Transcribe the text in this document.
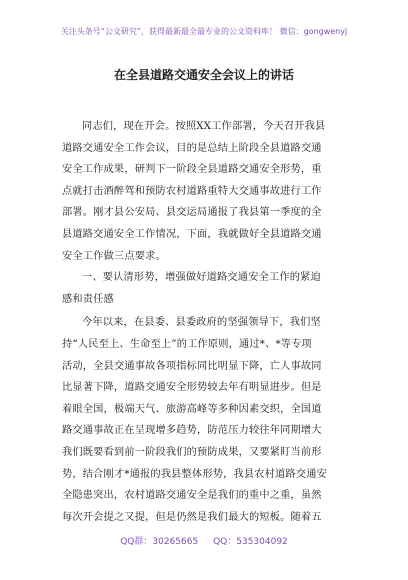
关注头条号“公文研究”，获得最新最全最专业的公文资料库！ 微信：gongwenyj
在全县道路交通安全会议上的讲话
同志们，现在开会。按照XX工作部署，今天召开我县
道路交通安全工作会议，目的是总结上阶段全县道路交通
安全工作成果，研判下一阶段全县道路交通安全形势，重
点就打击酒醉驾和预防农村道路重特大交通事故进行工作
部署。刚才县公安局、县交运局通报了我县第一季度的全
县道路交通安全工作情况，下面，我就做好全县道路交通
安全工作做三点要求。
一、要认清形势，增强做好道路交通安全工作的紧迫
感和责任感
今年以来，在县委、县委政府的坚强领导下，我们坚
持“人民至上、生命至上”的工作原则，通过*、*等专项
活动，全县交通事故各项指标同比明显下降，亡人事故同
比显著下降，道路交通安全形势较去年有明显进步。但是
着眼全国，极端天气、旅游高峰等多种因素交织，全国道
路交通事故正在呈现增多趋势，防范压力较往年同期增大
我们既要看到前一阶段我们的预防成果，又要紧盯当前形
势，结合刚才*通报的我县整体形势，我县农村道路交通安
全隐患突出，农村道路交通安全是我们的重中之重，虽然
每次开会提之又提，但是仍然是我们最大的短板。随着五
QQ群：30265665 QQ：535304092
